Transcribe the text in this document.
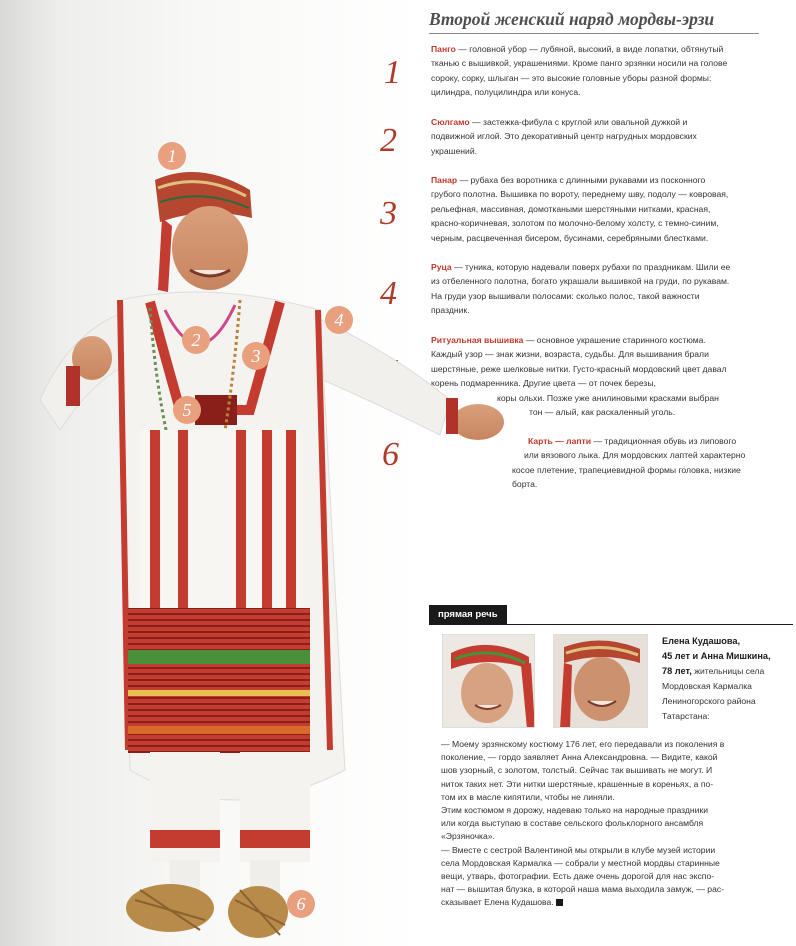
Второй женский наряд мордвы-эрзи
1
2
3
4
6
Панго — головной убор — лубяной, высокий, в виде лопатки, обтянутый
тканью с вышивкой, украшениями. Кроме панго эрзянки носили на голове
сороку, сорку, шлыган — это высокие головные уборы разной формы:
цилиндра, полуцилиндра или конуса.
Сюлгамо — застежка-фибула с круглой или овальной дужкой и
подвижной иглой. Это декоративный центр нагрудных мордовских
украшений.
Панар — рубаха без воротника с длинными рукавами из посконного
грубого полотна. Вышивка по вороту, переднему шву, подолу — ковровая,
рельефная, массивная, домоткаными шерстяными нитками, красная,
красно-коричневая, золотом по молочно-белому холсту, с темно-синим,
черным, расцвеченная бисером, бусинами, серебряными блестками.
Руца — туника, которую надевали поверх рубахи по праздникам. Шили ее
из отбеленного полотна, богато украшали вышивкой на груди, по рукавам.
На груди узор вышивали полосами: сколько полос, такой важности
праздник.
Ритуальная вышивка — основное украшение старинного костюма.
Каждый узор — знак жизни, возраста, судьбы. Для вышивания брали
шерстяные, реже шелковые нитки. Густо-красный мордовский цвет давал
корень подмаренника. Другие цвета — от почек березы,
коры ольхи. Позже уже анилиновыми красками выбран
тон — алый, как раскаленный уголь.
Карть — лапти — традиционная обувь из липового
или вязового лыка. Для мордовских лаптей характерно
косое плетение, трапециевидной формы головка, низкие
борта.
1
2
3
4
5
6
прямая речь
Елена Кудашова,
45 лет и Анна Мишкина,
78 лет, жительницы села
Мордовская Кармалка
Лениногорского района
Татарстана:

— Моему эрзянскому костюму 176 лет, его передавали из поколения в

поколение, — гордо заявляет Анна Александровна. — Видите, какой

шов узорный, с золотом, толстый. Сейчас так вышивать не могут. И

ниток таких нет. Эти нитки шерстяные, крашенные в кореньях, а по-

том их в масле кипятили, чтобы не линяли.

Этим костюмом я дорожу, надеваю только на народные праздники

или когда выступаю в составе сельского фольклорного ансамбля

«Эрзяночка».

— Вместе с сестрой Валентиной мы открыли в клубе музей истории

села Мордовская Кармалка — собрали у местной мордвы старинные

вещи, утварь, фотографии. Есть даже очень дорогой для нас экспо-

нат — вышитая блузка, в которой наша мама выходила замуж, — рас-

сказывает Елена Кудашова.
